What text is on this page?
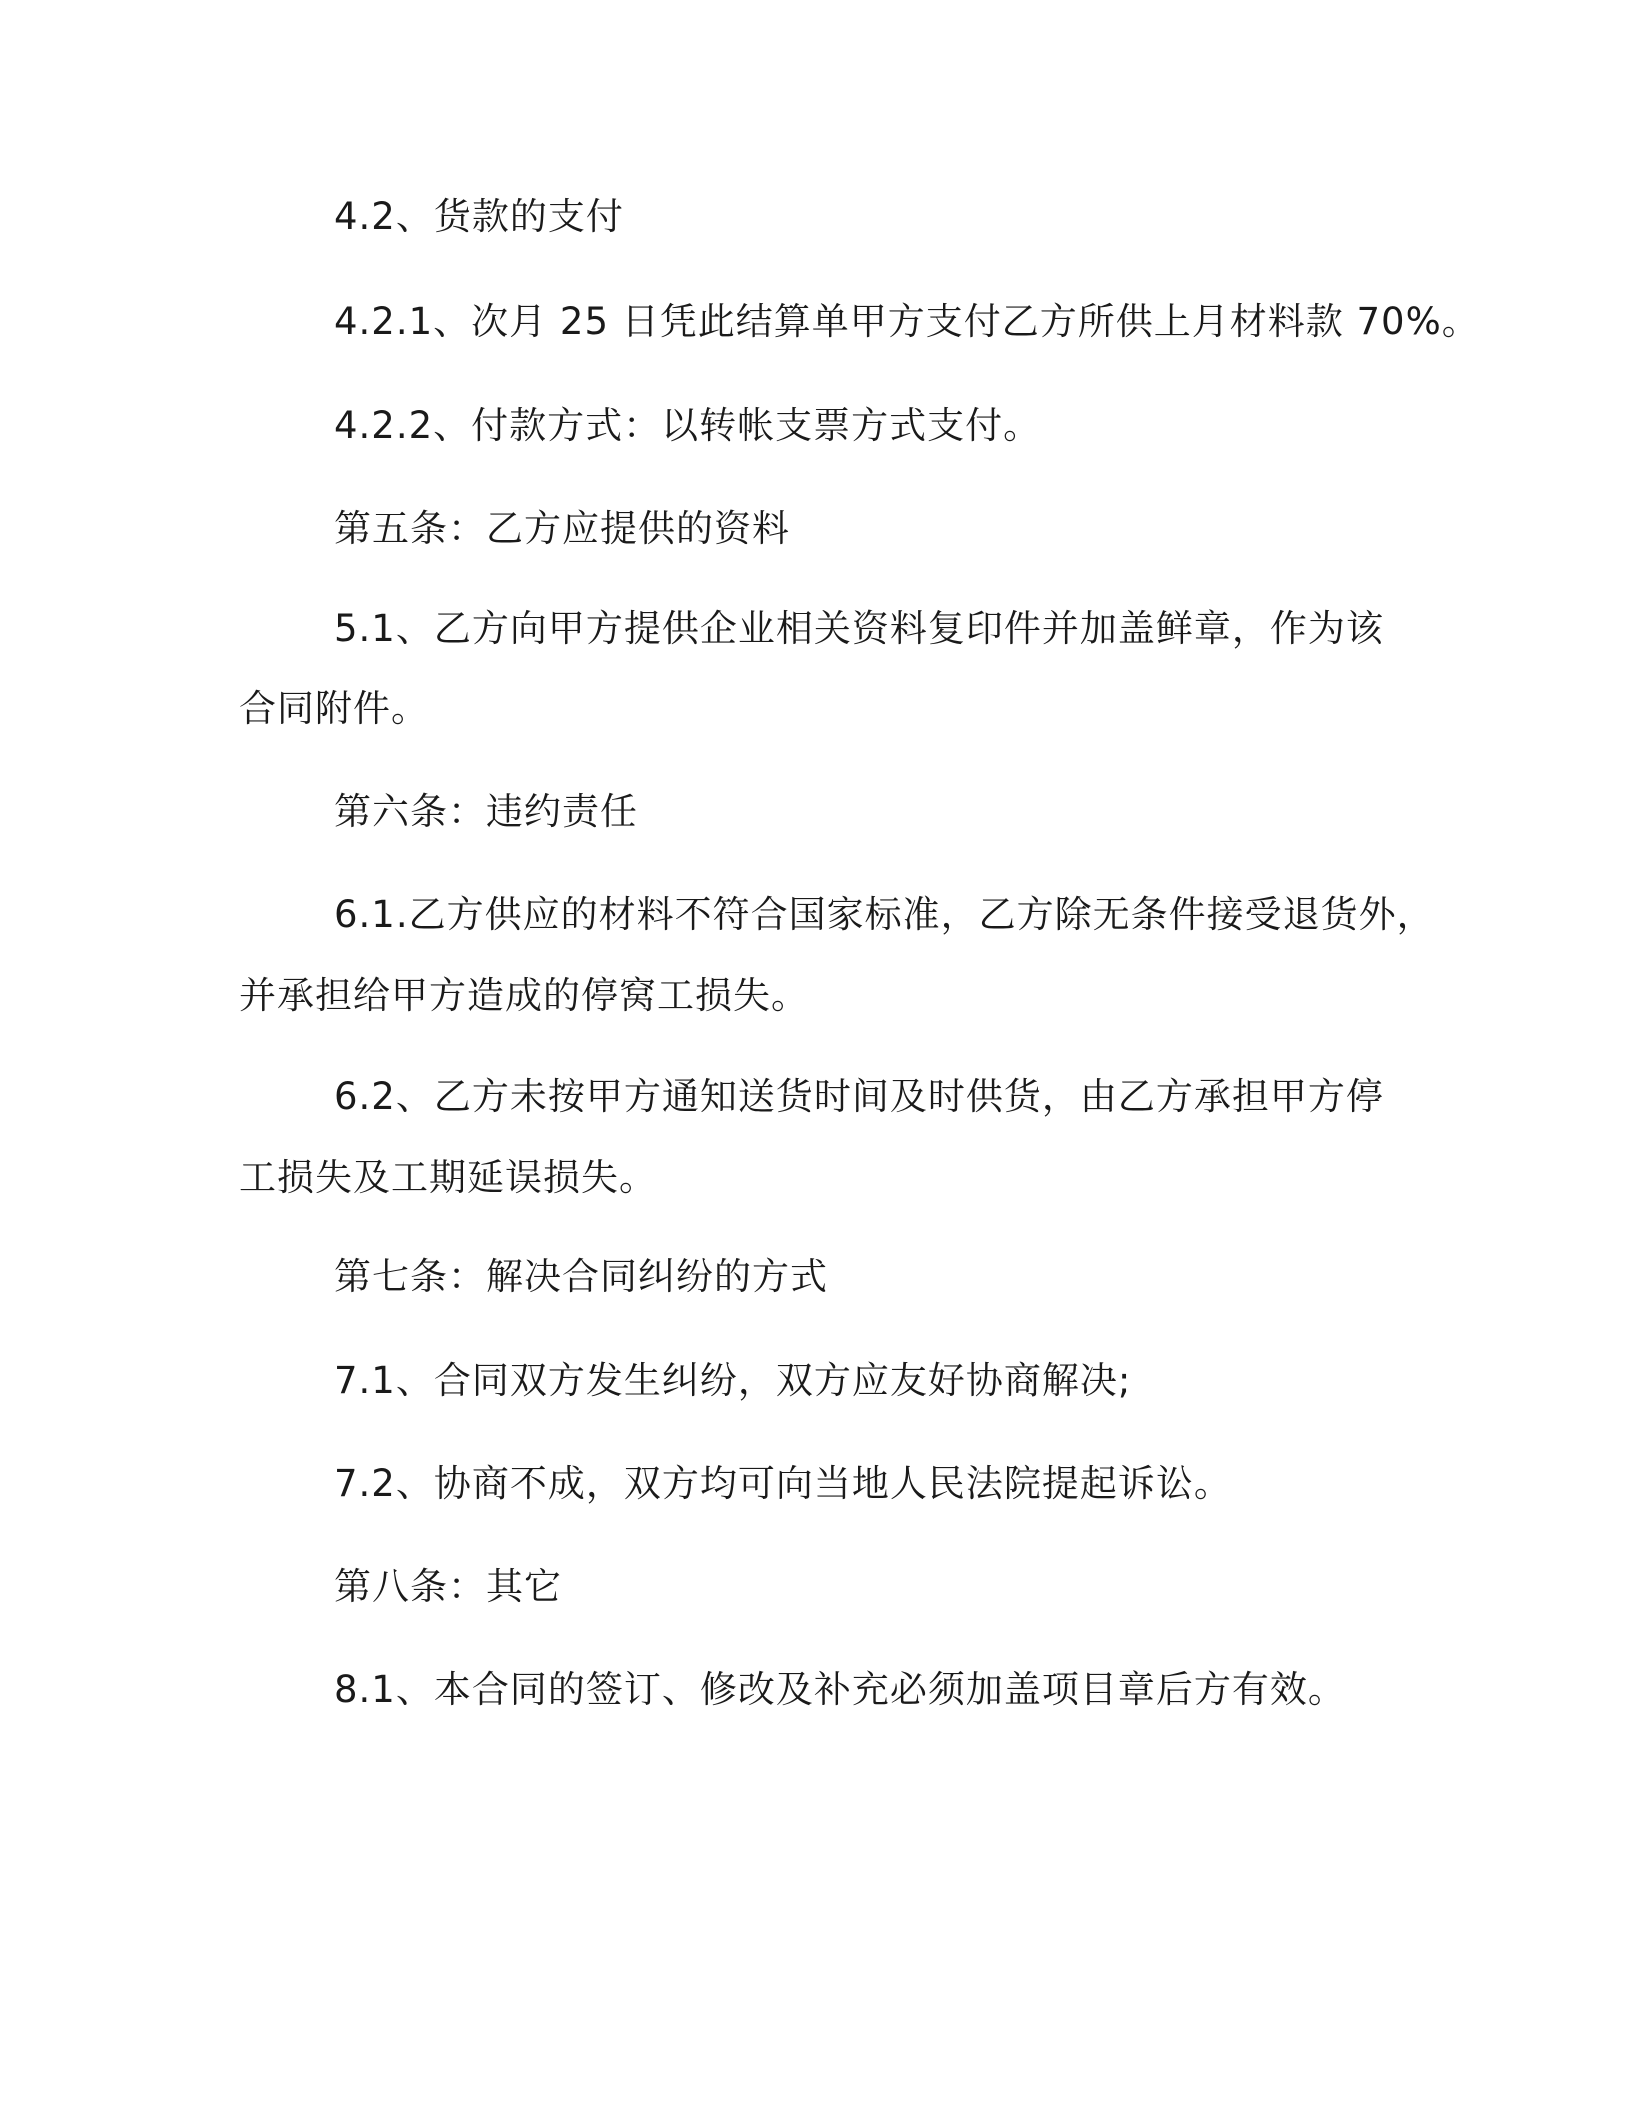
4.2、货款的支付
4.2.1、次月 25 日凭此结算单甲方支付乙方所供上月材料款 70%。
4.2.2、付款方式：以转帐支票方式支付。
第五条：乙方应提供的资料
5.1、乙方向甲方提供企业相关资料复印件并加盖鲜章，作为该
合同附件。
第六条：违约责任
6.1.乙方供应的材料不符合国家标准，乙方除无条件接受退货外，
并承担给甲方造成的停窝工损失。
6.2、乙方未按甲方通知送货时间及时供货，由乙方承担甲方停
工损失及工期延误损失。
第七条：解决合同纠纷的方式
7.1、合同双方发生纠纷，双方应友好协商解决;
7.2、协商不成，双方均可向当地人民法院提起诉讼。
第八条：其它
8.1、本合同的签订、修改及补充必须加盖项目章后方有效。
